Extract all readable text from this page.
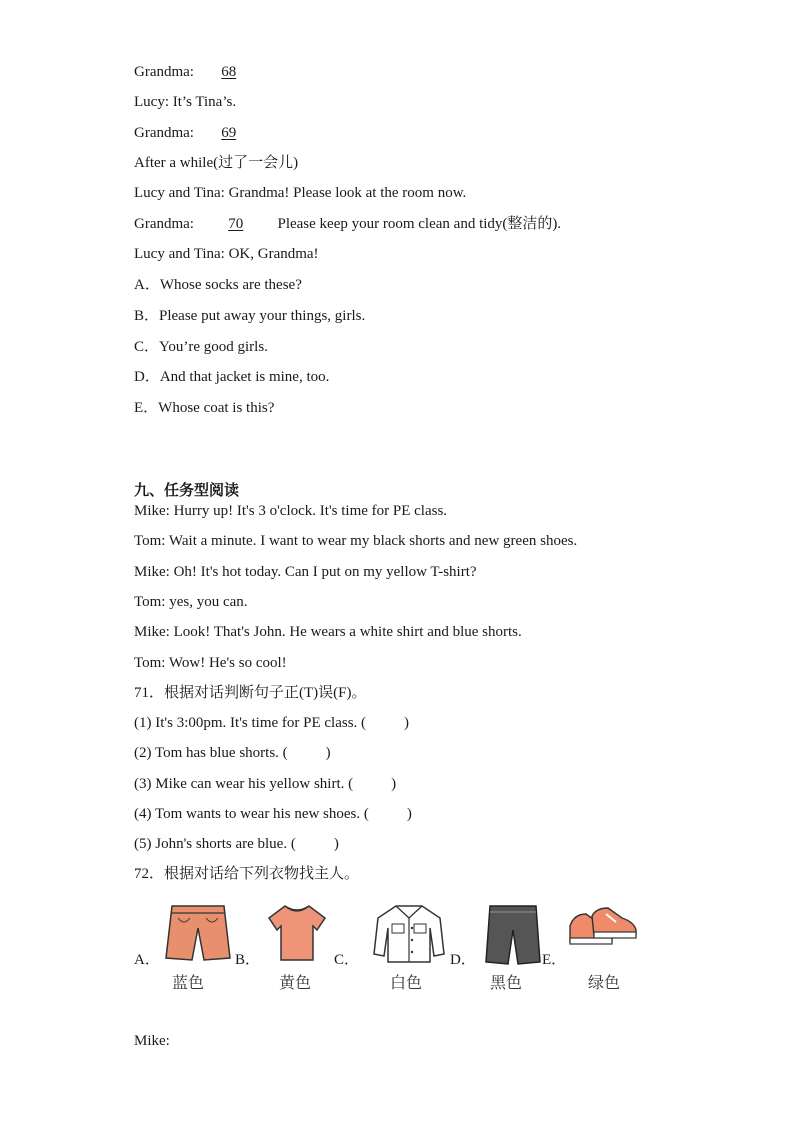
Grandma: 68
Lucy: It’s Tina’s.
Grandma: 69
After a while(过了一会儿)
Lucy and Tina: Grandma! Please look at the room now.
Grandma: 70 Please keep your room clean and tidy(整洁的).
Lucy and Tina: OK, Grandma!
A．Whose socks are these?
B．Please put away your things, girls.
C．You’re good girls.
D．And that jacket is mine, too.
E．Whose coat is this?
九、任务型阅读
Mike: Hurry up! It's 3 o'clock. It's time for PE class.
Tom: Wait a minute. I want to wear my black shorts and new green shoes.
Mike: Oh! It's hot today. Can I put on my yellow T-shirt?
Tom: yes, you can.
Mike: Look! That's John. He wears a white shirt and blue shorts.
Tom: Wow! He's so cool!
71．根据对话判断句子正(T)误(F)。
(1) It's 3:00pm. It's time for PE class. (	)
(2) Tom has blue shorts. (	)
(3) Mike can wear his yellow shirt. (	)
(4) Tom wants to wear his new shoes. (	)
(5) John's shorts are blue. (	)
72．根据对话给下列衣物找主人。
A．
蓝色
B．
黄色
C．
白色
D．
黑色
E．
绿色
Mike:
